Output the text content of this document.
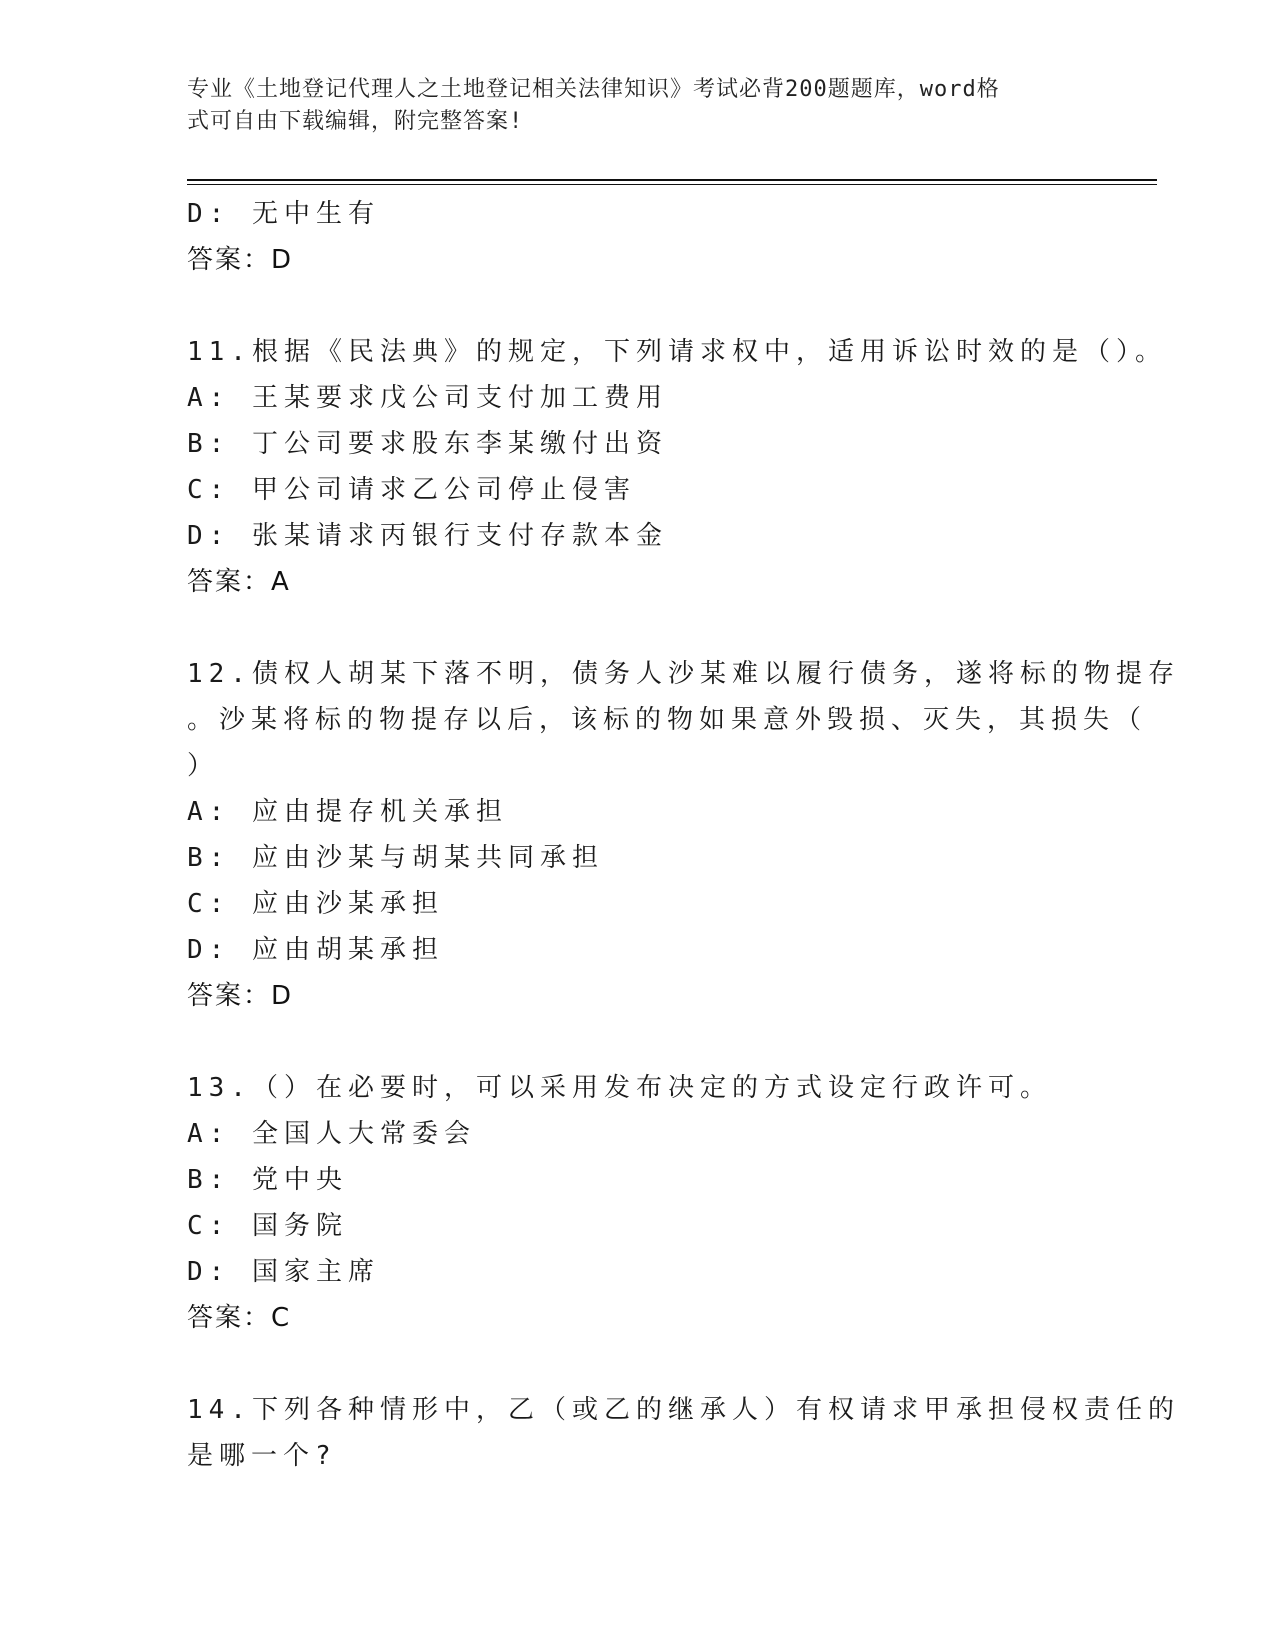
专业《土地登记代理人之土地登记相关法律知识》考试必背200题题库，word格
式可自由下载编辑，附完整答案!
D: 无中生有
答案：D
11.根据《民法典》的规定，下列请求权中，适用诉讼时效的是（）。
A: 王某要求戊公司支付加工费用
B: 丁公司要求股东李某缴付出资
C: 甲公司请求乙公司停止侵害
D: 张某请求丙银行支付存款本金
答案：A
12.债权人胡某下落不明，债务人沙某难以履行债务，遂将标的物提存
。沙某将标的物提存以后，该标的物如果意外毁损、灭失，其损失（
）
A: 应由提存机关承担
B: 应由沙某与胡某共同承担
C: 应由沙某承担
D: 应由胡某承担
答案：D
13.（）在必要时，可以采用发布决定的方式设定行政许可。
A: 全国人大常委会
B: 党中央
C: 国务院
D: 国家主席
答案：C
14.下列各种情形中，乙（或乙的继承人）有权请求甲承担侵权责任的
是哪一个?
